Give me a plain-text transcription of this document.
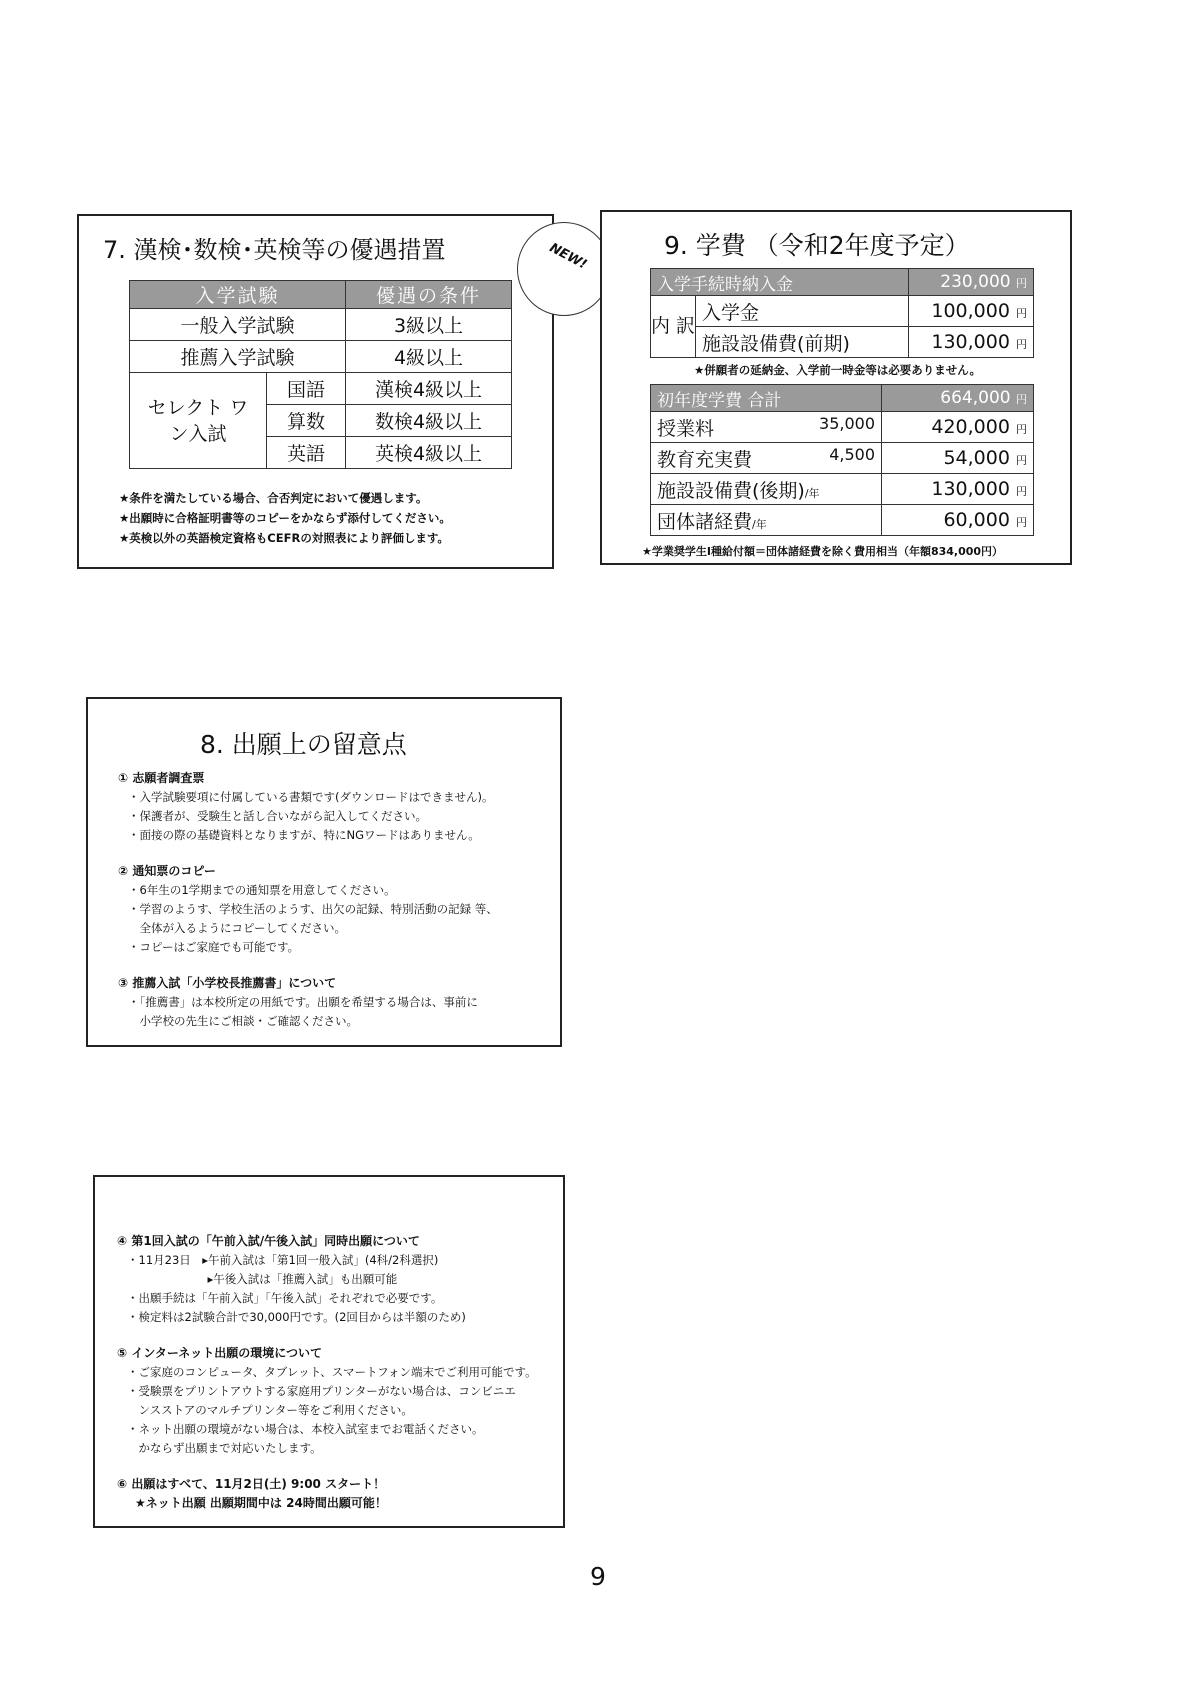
NEW!
7. 漢検･数検･英検等の優遇措置
入学試験		優遇の条件
一般入学試験		3級以上
推薦入学試験		4級以上
セレクト ワン入試	国語	漢検4級以上
	算数	数検4級以上
	英語	英検4級以上
★条件を満たしている場合、合否判定において優遇します。
★出願時に合格証明書等のコピーをかならず添付してください。
★英検以外の英語検定資格もCEFRの対照表により評価します。
9. 学費 （令和2年度予定）
入学手続時納入金		230,000 円
内 訳	入学金	100,000 円
	施設設備費(前期)	130,000 円
★併願者の延納金、入学前一時金等は必要ありません。
初年度学費 合計	664,000 円
授業料 35,000	420,000 円
教育充実費 4,500	54,000 円
施設設備費(後期)/年	130,000 円
団体諸経費/年	60,000 円
★学業奨学生Ⅰ種給付額＝団体諸経費を除く費用相当（年額834,000円）
8. 出願上の留意点
① 志願者調査票
・入学試験要項に付属している書類です(ダウンロードはできません)。
・保護者が、受験生と話し合いながら記入してください。
・面接の際の基礎資料となりますが、特にNGワードはありません。
② 通知票のコピー
・6年生の1学期までの通知票を用意してください。
・学習のようす、学校生活のようす、出欠の記録、特別活動の記録 等、
　全体が入るようにコピーしてください。
・コピーはご家庭でも可能です。
③ 推薦入試「小学校長推薦書」について
・「推薦書」は本校所定の用紙です。出願を希望する場合は、事前に
　小学校の先生にご相談・ご確認ください。
④ 第1回入試の「午前入試/午後入試」同時出願について
・11月23日　▸午前入試は「第1回一般入試」(4科/2科選択)
　　　　　　　▸午後入試は「推薦入試」も出願可能
・出願手続は「午前入試」「午後入試」それぞれで必要です。
・検定料は2試験合計で30,000円です。(2回目からは半額のため)
⑤ インターネット出願の環境について
・ご家庭のコンピュータ、タブレット、スマートフォン端末でご利用可能です。
・受験票をプリントアウトする家庭用プリンターがない場合は、コンビニエ
　ンスストアのマルチプリンター等をご利用ください。
・ネット出願の環境がない場合は、本校入試室までお電話ください。
　かならず出願まで対応いたします。
⑥ 出願はすべて、11月2日(土) 9:00 スタート！
★ネット出願 出願期間中は 24時間出願可能！
9
